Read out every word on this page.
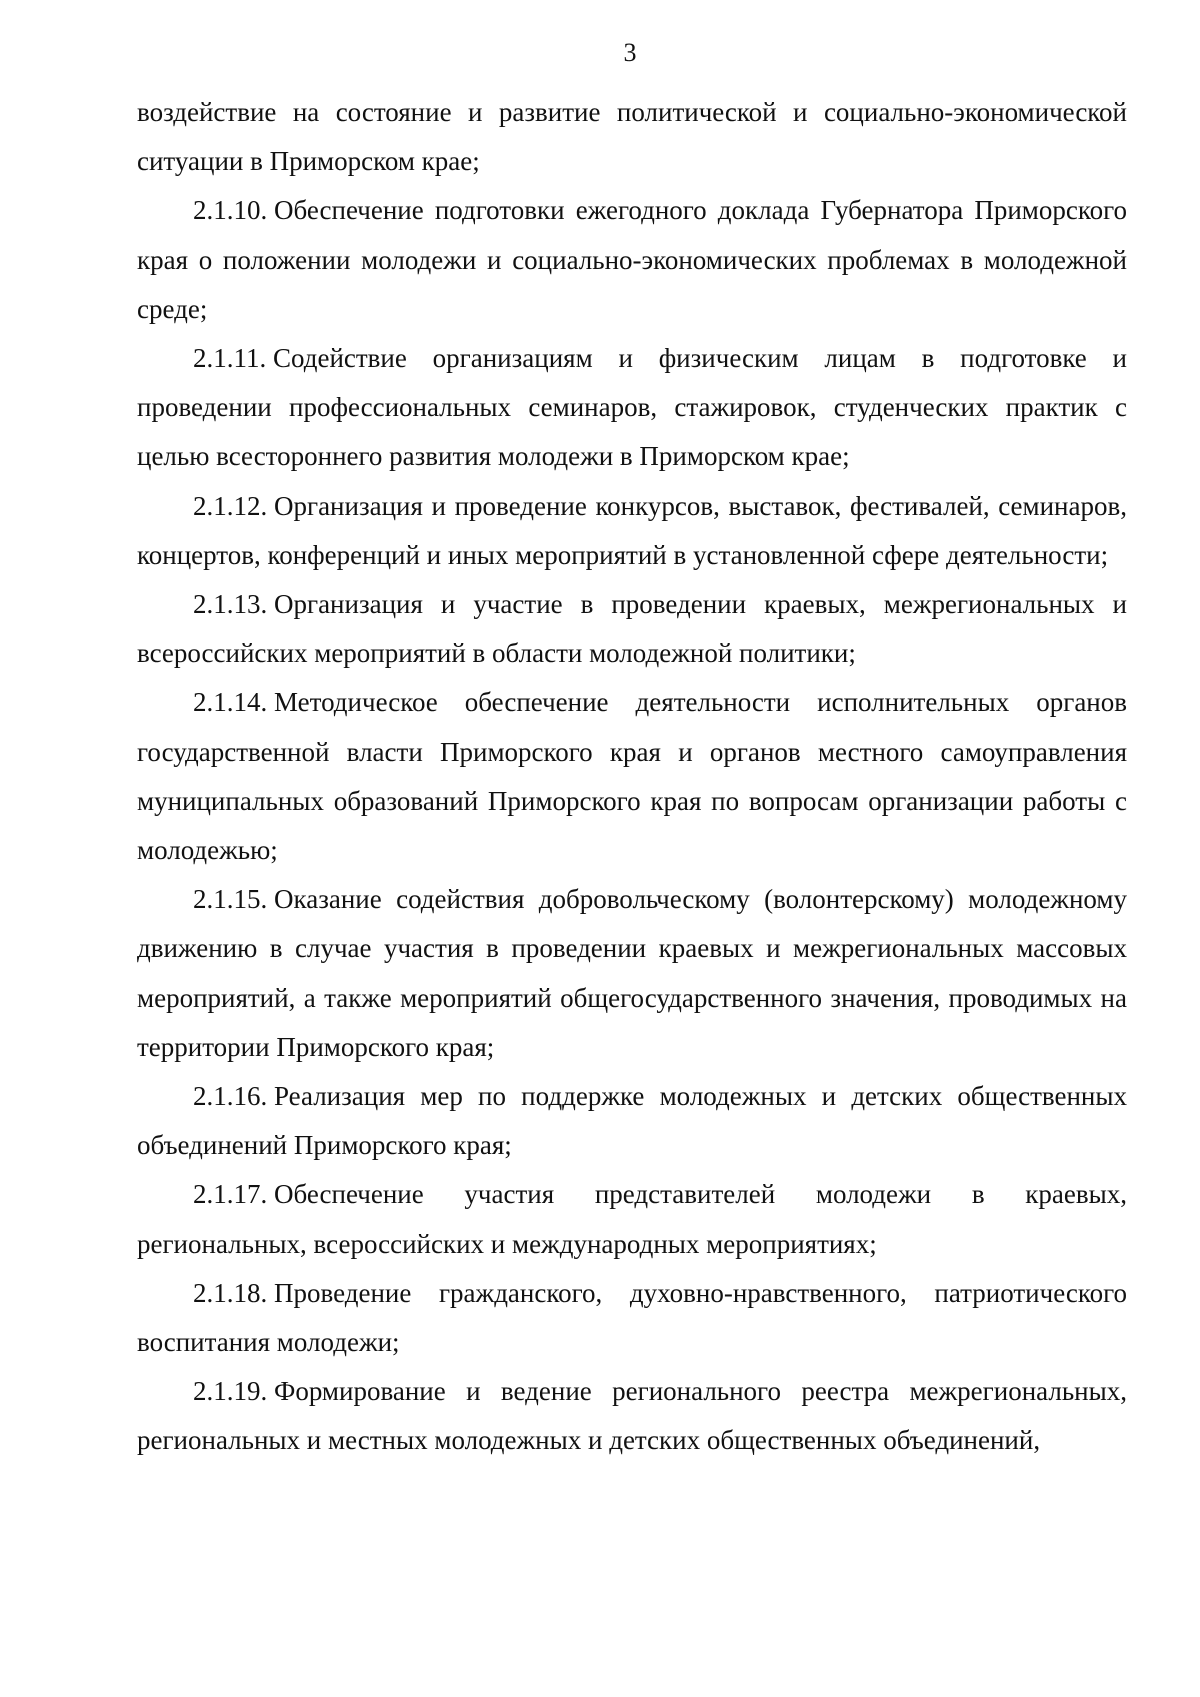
3

воздействие на состояние и развитие политической и социально-экономической ситуации в Приморском крае;

2.1.10. Обеспечение подготовки ежегодного доклада Губернатора Приморского края о положении молодежи и социально-экономических проблемах в молодежной среде;

2.1.11. Содействие организациям и физическим лицам в подготовке и проведении профессиональных семинаров, стажировок, студенческих практик с целью всестороннего развития молодежи в Приморском крае;

2.1.12. Организация и проведение конкурсов, выставок, фестивалей, семинаров, концертов, конференций и иных мероприятий в установленной сфере деятельности;

2.1.13. Организация и участие в проведении краевых, межрегиональных и всероссийских мероприятий в области молодежной политики;

2.1.14. Методическое обеспечение деятельности исполнительных органов государственной власти Приморского края и органов местного самоуправления муниципальных образований Приморского края по вопросам организации работы с молодежью;

2.1.15. Оказание содействия добровольческому (волонтерскому) молодежному движению в случае участия в проведении краевых и межрегиональных массовых мероприятий, а также мероприятий общегосударственного значения, проводимых на территории Приморского края;

2.1.16. Реализация мер по поддержке молодежных и детских общественных объединений Приморского края;

2.1.17. Обеспечение участия представителей молодежи в краевых, региональных, всероссийских и международных мероприятиях;

2.1.18. Проведение гражданского, духовно-нравственного, патриотического воспитания молодежи;

2.1.19. Формирование и ведение регионального реестра межрегиональных, региональных и местных молодежных и детских общественных объединений,
